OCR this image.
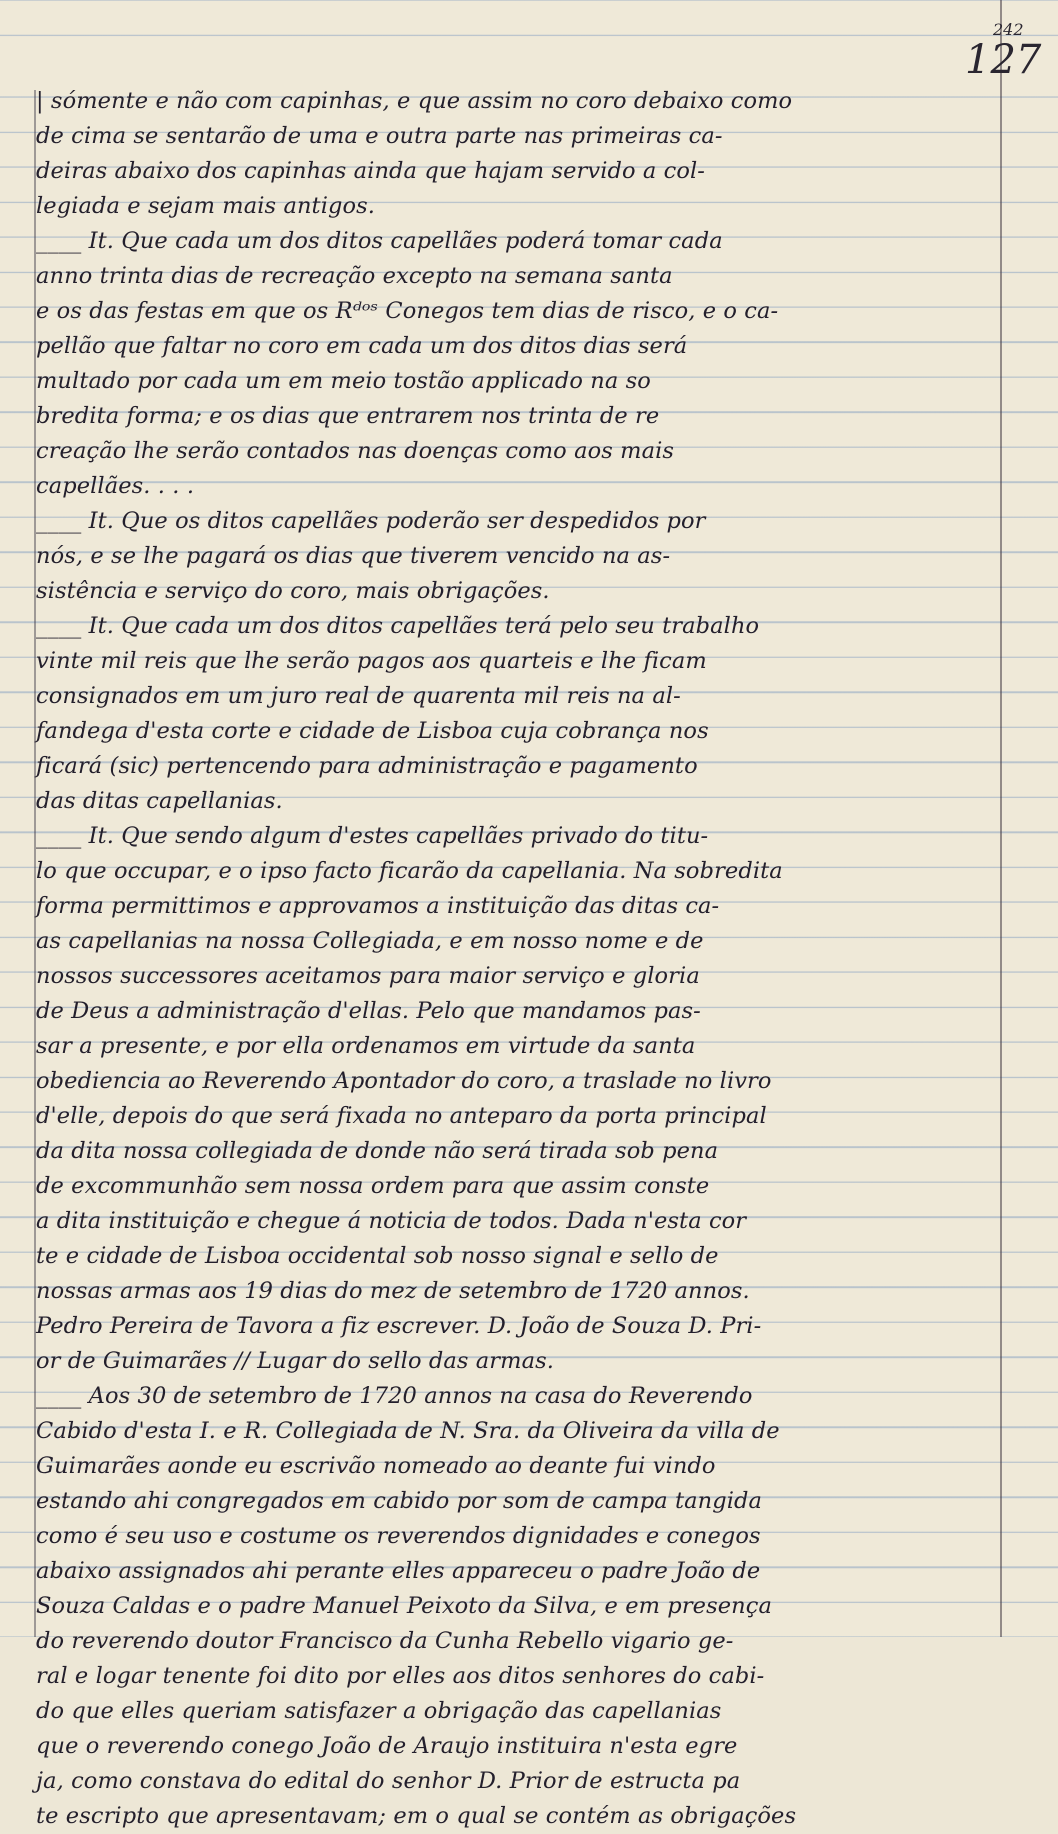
242
127
| sómente e não com capinhas, e que assim no coro debaixo como
de cima se sentarão de uma e outra parte nas primeiras ca-
deiras abaixo dos capinhas ainda que hajam servido a col-
legiada e sejam mais antigos.
____ It. Que cada um dos ditos capellães poderá tomar cada
anno trinta dias de recreação excepto na semana santa
e os das festas em que os Rᵈᵒˢ Conegos tem dias de risco, e o ca-
pellão que faltar no coro em cada um dos ditos dias será
multado por cada um em meio tostão applicado na so
bredita forma; e os dias que entrarem nos trinta de re
creação lhe serão contados nas doenças como aos mais
capellães. . . .
____ It. Que os ditos capellães poderão ser despedidos por
nós, e se lhe pagará os dias que tiverem vencido na as-
sistência e serviço do coro, mais obrigações.
____ It. Que cada um dos ditos capellães terá pelo seu trabalho
vinte mil reis que lhe serão pagos aos quarteis e lhe ficam
consignados em um juro real de quarenta mil reis na al-
fandega d'esta corte e cidade de Lisboa cuja cobrança nos
ficará (sic) pertencendo para administração e pagamento
das ditas capellanias.
____ It. Que sendo algum d'estes capellães privado do titu-
lo que occupar, e o ipso facto ficarão da capellania. Na sobredita
forma permittimos e approvamos a instituição das ditas ca-
as capellanias na nossa Collegiada, e em nosso nome e de
nossos successores aceitamos para maior serviço e gloria
de Deus a administração d'ellas. Pelo que mandamos pas-
sar a presente, e por ella ordenamos em virtude da santa
obediencia ao Reverendo Apontador do coro, a traslade no livro
d'elle, depois do que será fixada no anteparo da porta principal
da dita nossa collegiada de donde não será tirada sob pena
de excommunhão sem nossa ordem para que assim conste
a dita instituição e chegue á noticia de todos. Dada n'esta cor
te e cidade de Lisboa occidental sob nosso signal e sello de
nossas armas aos 19 dias do mez de setembro de 1720 annos.
Pedro Pereira de Tavora a fiz escrever. D. João de Souza D. Pri-
or de Guimarães // Lugar do sello das armas.
____ Aos 30 de setembro de 1720 annos na casa do Reverendo
Cabido d'esta I. e R. Collegiada de N. Sra. da Oliveira da villa de
Guimarães aonde eu escrivão nomeado ao deante fui vindo
estando ahi congregados em cabido por som de campa tangida
como é seu uso e costume os reverendos dignidades e conegos
abaixo assignados ahi perante elles appareceu o padre João de
Souza Caldas e o padre Manuel Peixoto da Silva, e em presença
do reverendo doutor Francisco da Cunha Rebello vigario ge-
ral e logar tenente foi dito por elles aos ditos senhores do cabi-
do que elles queriam satisfazer a obrigação das capellanias
que o reverendo conego João de Araujo instituira n'esta egre
ja, como constava do edital do senhor D. Prior de estructa pa
te escripto que apresentavam; em o qual se contém as obrigações
